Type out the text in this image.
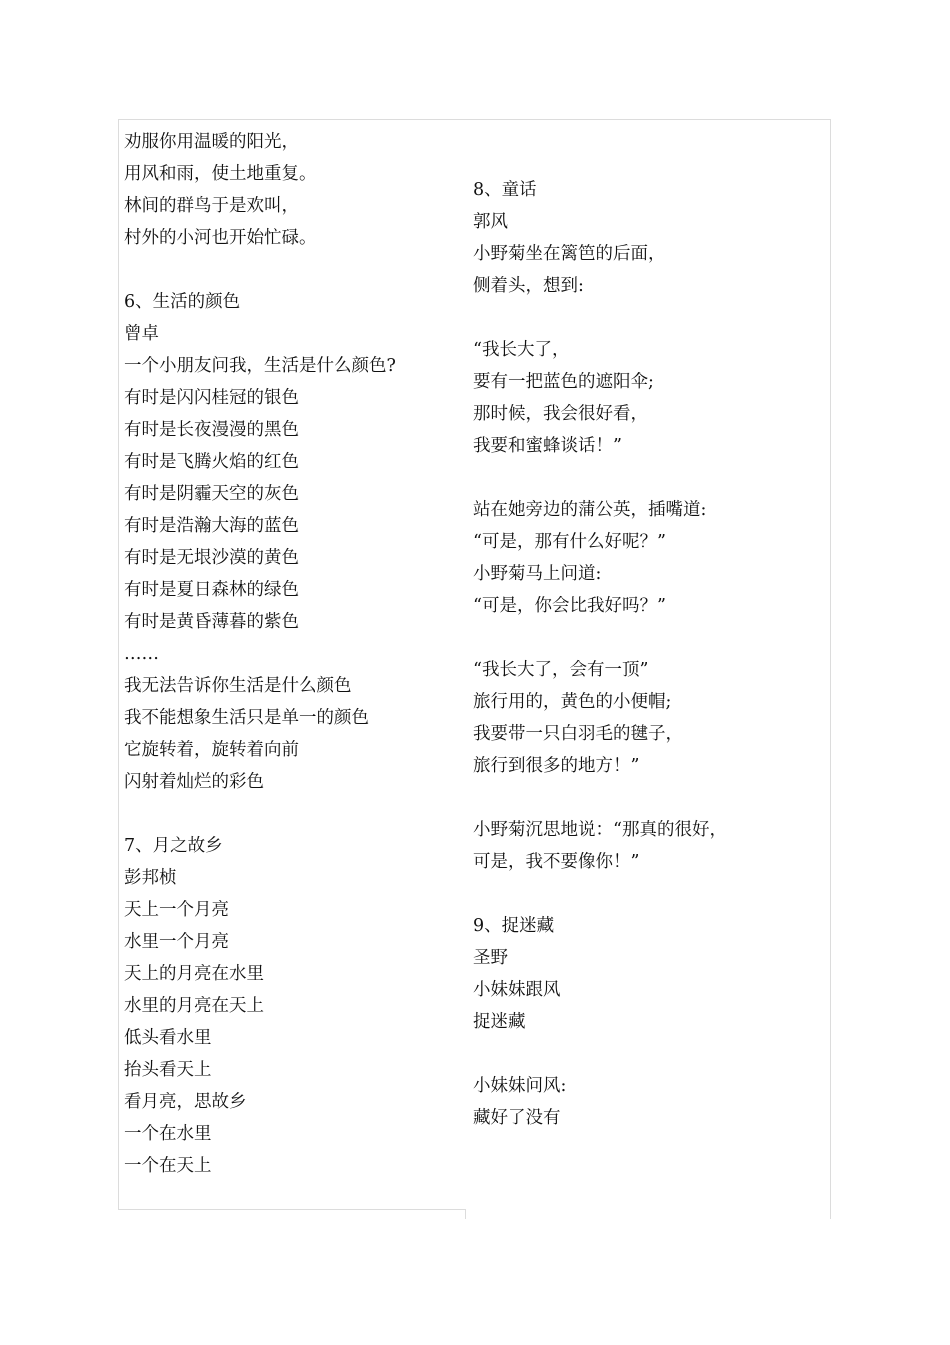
劝服你用温暖的阳光，
用风和雨，使土地重复。
林间的群鸟于是欢叫，
村外的小河也开始忙碌。
6、生活的颜色
曾卓
一个小朋友问我，生活是什么颜色?
有时是闪闪桂冠的银色
有时是长夜漫漫的黑色
有时是飞腾火焰的红色
有时是阴霾天空的灰色
有时是浩瀚大海的蓝色
有时是无垠沙漠的黄色
有时是夏日森林的绿色
有时是黄昏薄暮的紫色
……
我无法告诉你生活是什么颜色
我不能想象生活只是单一的颜色
它旋转着，旋转着向前
闪射着灿烂的彩色
7、月之故乡
彭邦桢
天上一个月亮
水里一个月亮
天上的月亮在水里
水里的月亮在天上
低头看水里
抬头看天上
看月亮，思故乡
一个在水里
一个在天上
8、童话
郭风
小野菊坐在篱笆的后面，
侧着头，想到:
“我长大了，
要有一把蓝色的遮阳伞;
那时候，我会很好看，
我要和蜜蜂谈话！”
站在她旁边的蒲公英，插嘴道:
“可是，那有什么好呢？”
小野菊马上问道:
“可是，你会比我好吗？”
“我长大了，会有一顶”
旅行用的，黄色的小便帽;
我要带一只白羽毛的毽子，
旅行到很多的地方！”
小野菊沉思地说：“那真的很好，
可是，我不要像你！”
9、捉迷藏
圣野
小妹妹跟风
捉迷藏
小妹妹问风:
藏好了没有
